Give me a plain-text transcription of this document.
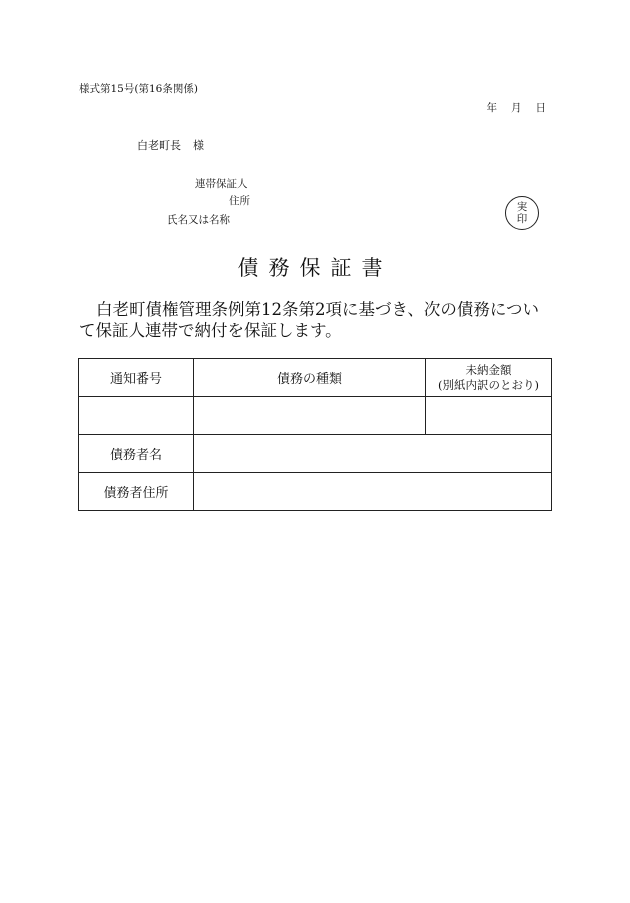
様式第15号(第16条関係)
年 月 日
白老町長 様
連帯保証人
住所
氏名又は名称
実
印
債務保証書
白老町債権管理条例第12条第2項に基づき、次の債務について保証人連帯で納付を保証します。
通知番号	債務の種類	未納金額
(別紙内訳のとおり)

債務者名		
債務者住所		
